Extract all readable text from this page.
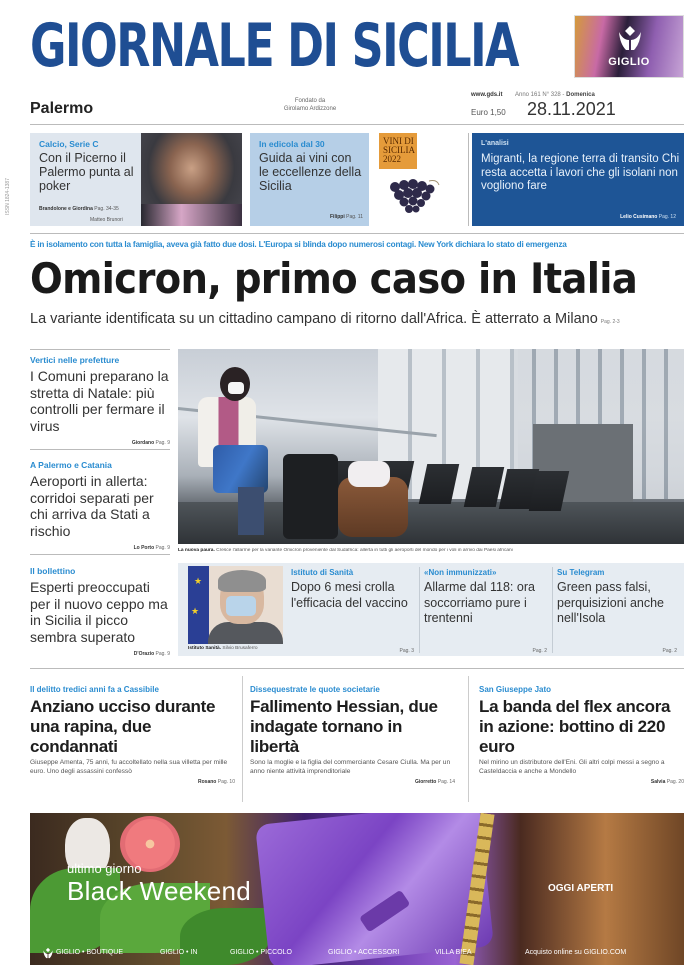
GIORNALE DI SICILIA	GIGLIO
Palermo	Fondato da
Girolamo Ardizzone
www.gds.it Anno 161 N° 328 - Domenica
Euro 1,50 28.11.2021
ISSN 1824-1387
Calcio, Serie C
Con il Picerno il Palermo punta al poker
Brandolone e Giordina Pag. 34-35
Matteo Brunori
In edicola dal 30
Guida ai vini con le eccellenze della Sicilia
Filippi Pag. 11
VINI DI SICILIA 2022
L'analisi
Migranti, la regione terra di transito Chi resta accetta i lavori che gli isolani non vogliono fare
Lelio Cusimano Pag. 12
È in isolamento con tutta la famiglia, aveva già fatto due dosi. L'Europa si blinda dopo numerosi contagi. New York dichiara lo stato di emergenza
Omicron, primo caso in Italia
La variante identificata su un cittadino campano di ritorno dall'Africa. È atterrato a Milano Pag. 2-3
Vertici nelle prefetture
I Comuni preparano la stretta di Natale: più controlli per fermare il virus
Giordano Pag. 9
A Palermo e Catania
Aeroporti in allerta: corridoi separati per chi arriva da Stati a rischio
Lo Porto Pag. 9
Il bollettino
Esperti preoccupati per il nuovo ceppo ma in Sicilia il picco sembra superato
D'Orazio Pag. 9
La nuova paura. Cresce l'allarme per la variante Omicron proveniente dal Sudafrica: allerta in tutti gli aeroporti del mondo per i voli in arrivo dai Paesi africani
★
★
Istituto Sanità. Silvio Brusaferro
Istituto di Sanità
Dopo 6 mesi crolla l'efficacia del vaccino
Pag. 3
«Non immunizzati»
Allarme dal 118: ora soccorriamo pure i trentenni
Pag. 2
Su Telegram
Green pass falsi, perquisizioni anche nell'Isola
Pag. 2
Il delitto tredici anni fa a Cassibile
Anziano ucciso durante una rapina, due condannati
Giuseppe Amenta, 75 anni, fu accoltellato nella sua villetta per mille euro. Uno degli assassini confessò
Rosano Pag. 10
Dissequestrate le quote societarie
Fallimento Hessian, due indagate tornano in libertà
Sono la moglie e la figlia del commerciante Cesare Ciulla. Ma per un anno niente attività imprenditoriale
Giorretto Pag. 14
San Giuseppe Jato
La banda del flex ancora in azione: bottino di 220 euro
Nel mirino un distributore dell'Eni. Gli altri colpi messi a segno a Casteldaccia e anche a Mondello
Salvia Pag. 20
ultimo giorno
Black Weekend	OGGI APERTI
GIGLIO • BOUTIQUE	GIGLIO • IN	GIGLIO • PICCOLO	GIGLIO • ACCESSORI	VILLA BIEA	Acquisto online su GIGLIO.COM
